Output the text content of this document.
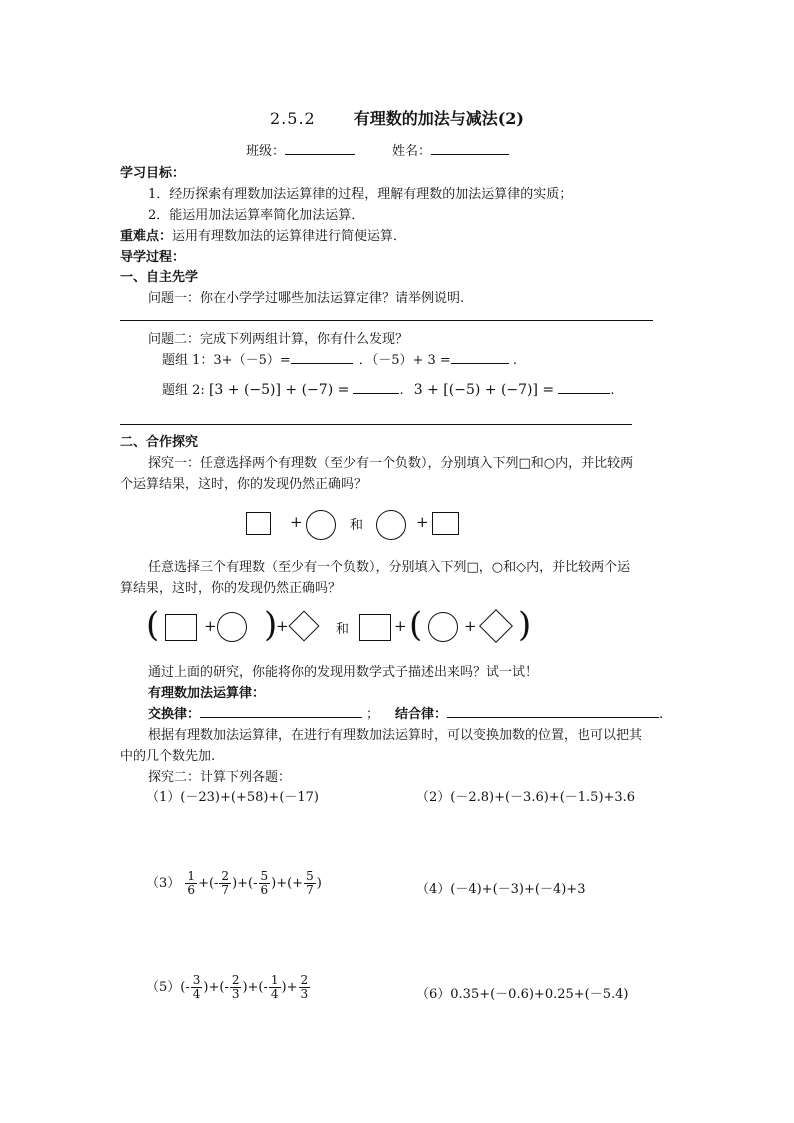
2.5.2 有理数的加法与减法(2)
班级：	姓名：
学习目标：
1．经历探索有理数加法运算律的过程，理解有理数的加法运算律的实质；
2．能运用加法运算率简化加法运算．
重难点：运用有理数加法的运算律进行简便运算．
导学过程：
一、自主先学
问题一：你在小学学过哪些加法运算定律？请举例说明.
问题二：完成下列两组计算，你有什么发现？
题组 1：3+（－5）=	．（－5）+ 3 =	.
题组 2: [3 + (−5)] + (−7) =	. 3 + [(−5) + (−7)] =	.
二、合作探究
探究一：任意选择两个有理数（至少有一个负数），分别填入下列□和○内，并比较两
个运算结果，这时，你的发现仍然正确吗？
+	和	+
任意选择三个有理数（至少有一个负数），分别填入下列□，○和◇内，并比较两个运
算结果，这时，你的发现仍然正确吗？
(	+ )
+	和	+ (	+ )
通过上面的研究，你能将你的发现用数学式子描述出来吗？试一试！
有理数加法运算律：
交换律：	； 结合律：	.
根据有理数加法运算律，在进行有理数加法运算时，可以变换加数的位置，也可以把其
中的几个数先加.
探究二：计算下列各题：
（1）(－23)+(+58)+(－17)	（2）(－2.8)+(－3.6)+(－1.5)+3.6
$(3) \frac{1}{6}$ +(- $\frac{2}{7}$ )+(- $\frac{5}{6}$ )+(+ $\frac{5}{7}$ )	（4）(－4)+(－3)+(－4)+3
$(5)(- \frac{3}{4}$ )+(- $\frac{2}{3}$ )+(- $\frac{1}{4}$ )+ $\frac{2}{3}$	（6）0.35+(－0.6)+0.25+(－5.4)
